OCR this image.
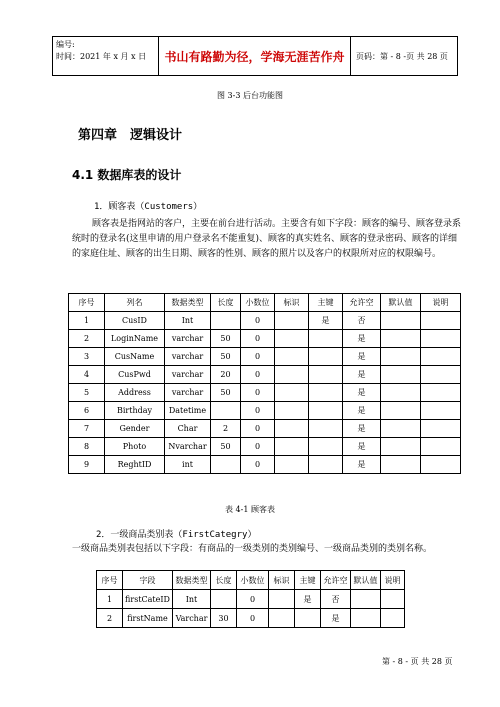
编号:
时间：2021 年 x 月 x 日	书山有路勤为径，学海无涯苦作舟	页码：第 - 8 -页 共 28 页
图 3-3 后台功能图
第四章　逻辑设计
4.1 数据库表的设计
1．顾客表（Customers）
顾客表是指网站的客户，主要在前台进行活动。主要含有如下字段：顾客的编号、顾客登录系统时的登录名(这里申请的用户登录名不能重复)、顾客的真实姓名、顾客的登录密码、顾客的详细的家庭住址、顾客的出生日期、顾客的性别、顾客的照片以及客户的权限所对应的权限编号。
序号	列名	数据类型	长度	小数位	标识	主键	允许空	默认值	说明
1	CusID	Int		0		是	否		
2	LoginName	varchar	50	0			是		
3	CusName	varchar	50	0			是		
4	CusPwd	varchar	20	0			是		
5	Address	varchar	50	0			是		
6	Birthday	Datetime		0			是		
7	Gender	Char	2	0			是		
8	Photo	Nvarchar	50	0			是		
9	ReghtID	int		0			是		
表 4-1 顾客表
2．一级商品类别表（FirstCategry）
一级商品类别表包括以下字段：有商品的一级类别的类别编号、一级商品类别的类别名称。
序号	字段	数据类型	长度	小数位	标识	主键	允许空	默认值	说明
1	firstCateID	Int		0		是	否		
2	firstName	Varchar	30	0			是		
第 - 8 - 页 共 28 页
